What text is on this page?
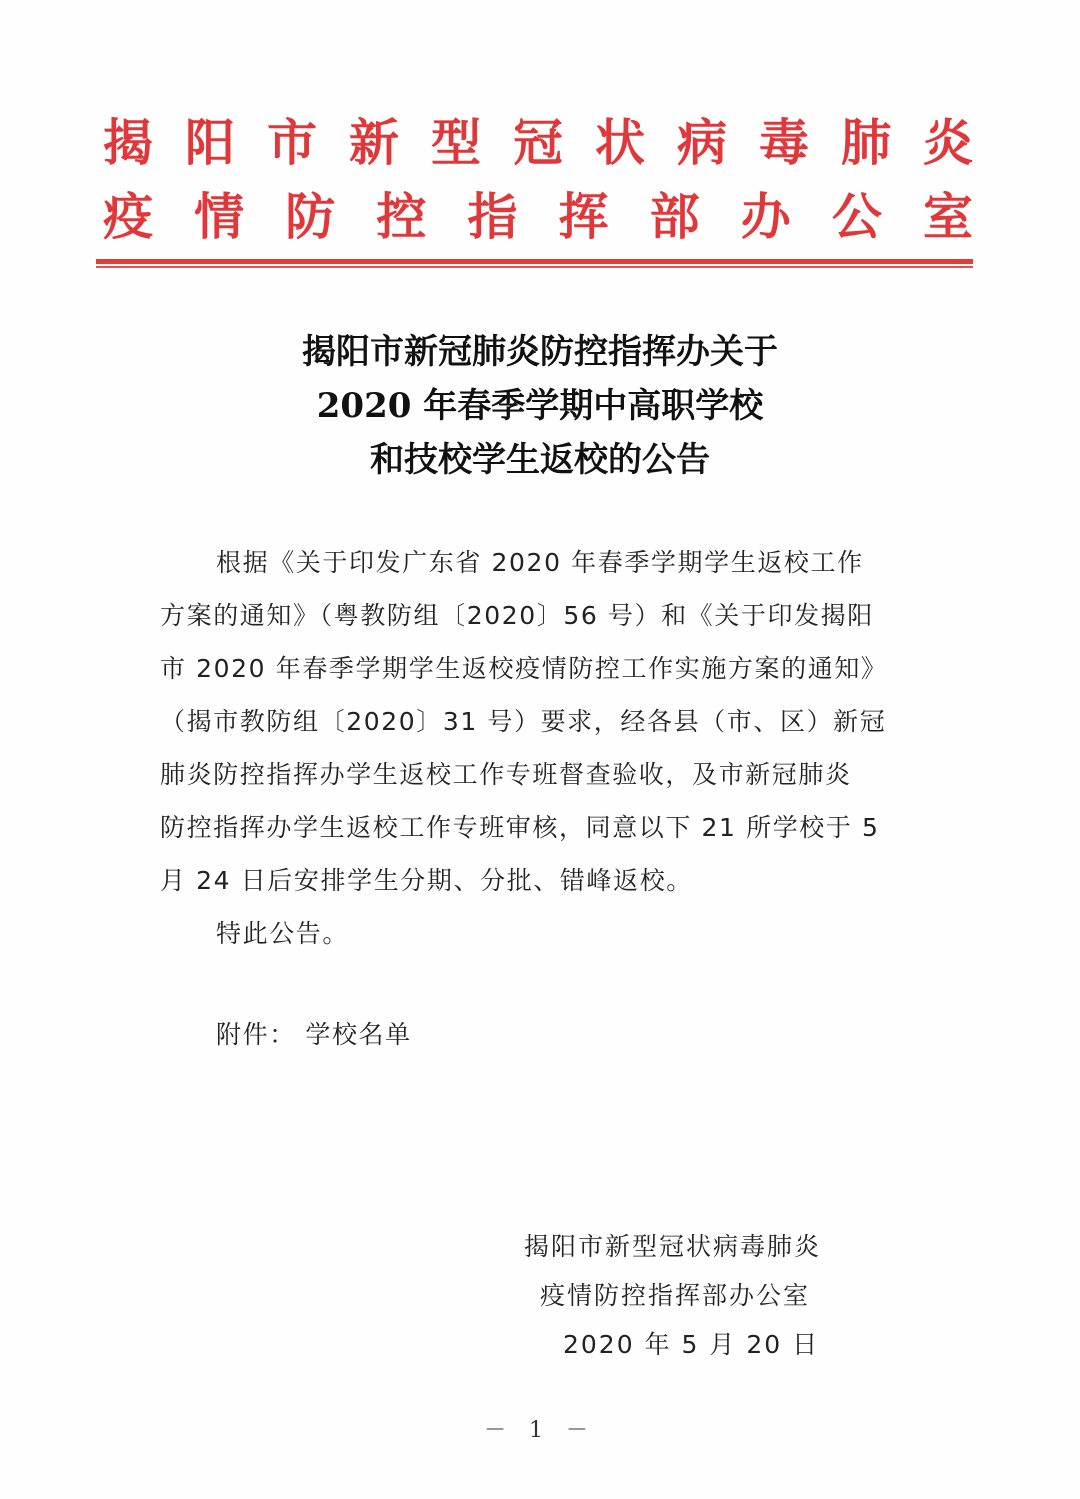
揭 阳 市 新 型 冠 状 病 毒 肺 炎
疫 情 防 控 指 挥 部 办 公 室
揭阳市新冠肺炎防控指挥办关于
2020 年春季学期中高职学校
和技校学生返校的公告
根据《关于印发广东省 2020 年春季学期学生返校工作
方案的通知》（粤教防组〔2020〕56 号）和《关于印发揭阳
市 2020 年春季学期学生返校疫情防控工作实施方案的通知》
（揭市教防组〔2020〕31 号）要求，经各县（市、区）新冠
肺炎防控指挥办学生返校工作专班督查验收，及市新冠肺炎
防控指挥办学生返校工作专班审核，同意以下 21 所学校于 5
月 24 日后安排学生分期、分批、错峰返校。
特此公告。
附件： 学校名单
揭阳市新型冠状病毒肺炎
疫情防控指挥部办公室
2020 年 5 月 20 日
－ 1 －
